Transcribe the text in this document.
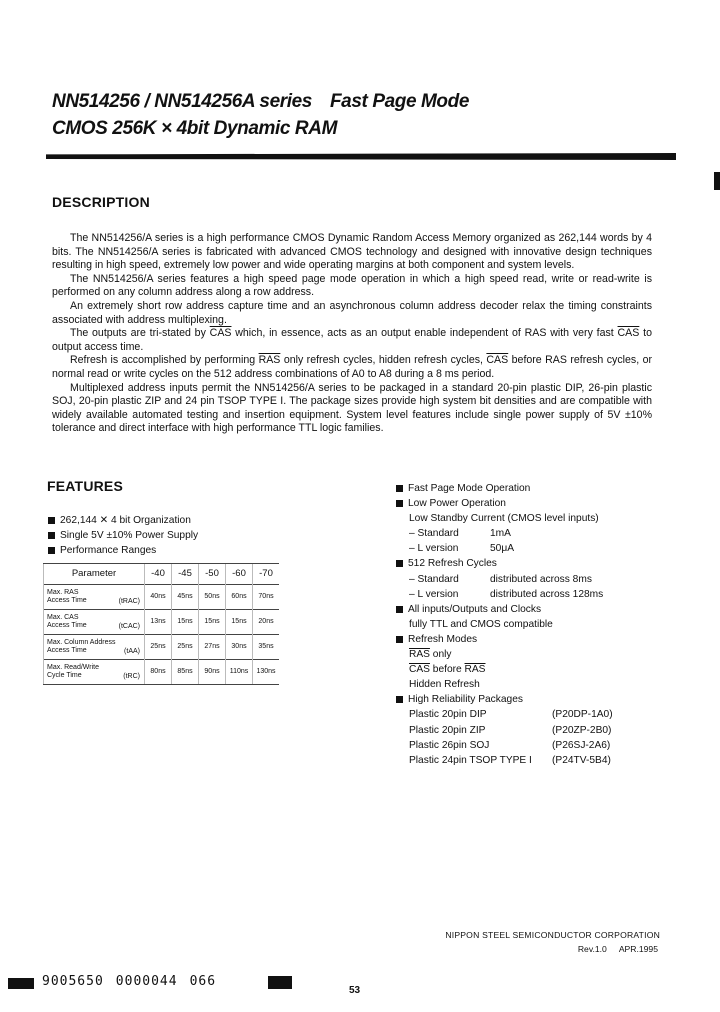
NN514256 / NN514256A series Fast Page Mode
CMOS 256K × 4bit Dynamic RAM
DESCRIPTION

The NN514256/A series is a high performance CMOS Dynamic Random Access Memory organized as 262,144 words by 4 bits. The NN514256/A series is fabricated with advanced CMOS technology and designed with innovative design techniques resulting in high speed, extremely low power and wide operating margins at both component and system levels.

The NN514256/A series features a high speed page mode operation in which a high speed read, write or read-write is performed on any column address along a row address.

An extremely short row address capture time and an asynchronous column address decoder relax the timing constraints associated with address multiplexing.

The outputs are tri-stated by $\overline{CAS}$ which, in essence, acts as an output enable independent of RAS with very fast $\overline{CAS}$ to output access time.

Refresh is accomplished by performing $\overline{RAS}$ only refresh cycles, hidden refresh cycles, $\overline{CAS}$ before RAS refresh cycles, or normal read or write cycles on the 512 address combinations of A0 to A8 during a 8 ms period.

Multiplexed address inputs permit the NN514256/A series to be packaged in a standard 20-pin plastic DIP, 26-pin plastic SOJ, 20-pin plastic ZIP and 24 pin TSOP TYPE I. The package sizes provide high system bit densities and are compatible with widely available automated testing and insertion equipment. System level features include single power supply of 5V ±10% tolerance and direct interface with high performance TTL logic families.

FEATURES
262,144 ✕ 4 bit Organization
Single 5V ±10% Power Supply
Performance Ranges
Parameter	-40	-45	-50	-60	-70
Max. RAS
Access Time (tRAC)	40ns	45ns	50ns	60ns	70ns
Max. CAS
Access Time (tCAC)	13ns	15ns	15ns	15ns	20ns
Max. Column Address
Access Time (tAA)	25ns	25ns	27ns	30ns	35ns
Max. Read/Write
Cycle Time (tRC)	80ns	85ns	90ns	110ns	130ns
Fast Page Mode Operation
Low Power Operation
Low Standby Current (CMOS level inputs)
– Standard	1mA
– L version	50μA
512 Refresh Cycles
– Standard	distributed across 8ms
– L version	distributed across 128ms
All inputs/Outputs and Clocks
fully TTL and CMOS compatible
Refresh Modes
$\overline{RAS}$ only
$\overline{CAS}$ before $\overline{RAS}$
Hidden Refresh
High Reliability Packages
Plastic 20pin DIP	(P20DP-1A0)
Plastic 20pin ZIP	(P20ZP-2B0)
Plastic 26pin SOJ	(P26SJ-2A6)
Plastic 24pin TSOP TYPE I (P24TV-5B4)
NIPPON STEEL SEMICONDUCTOR CORPORATION
Rev.1.0 APR.1995
9005650 0000044 066
53
